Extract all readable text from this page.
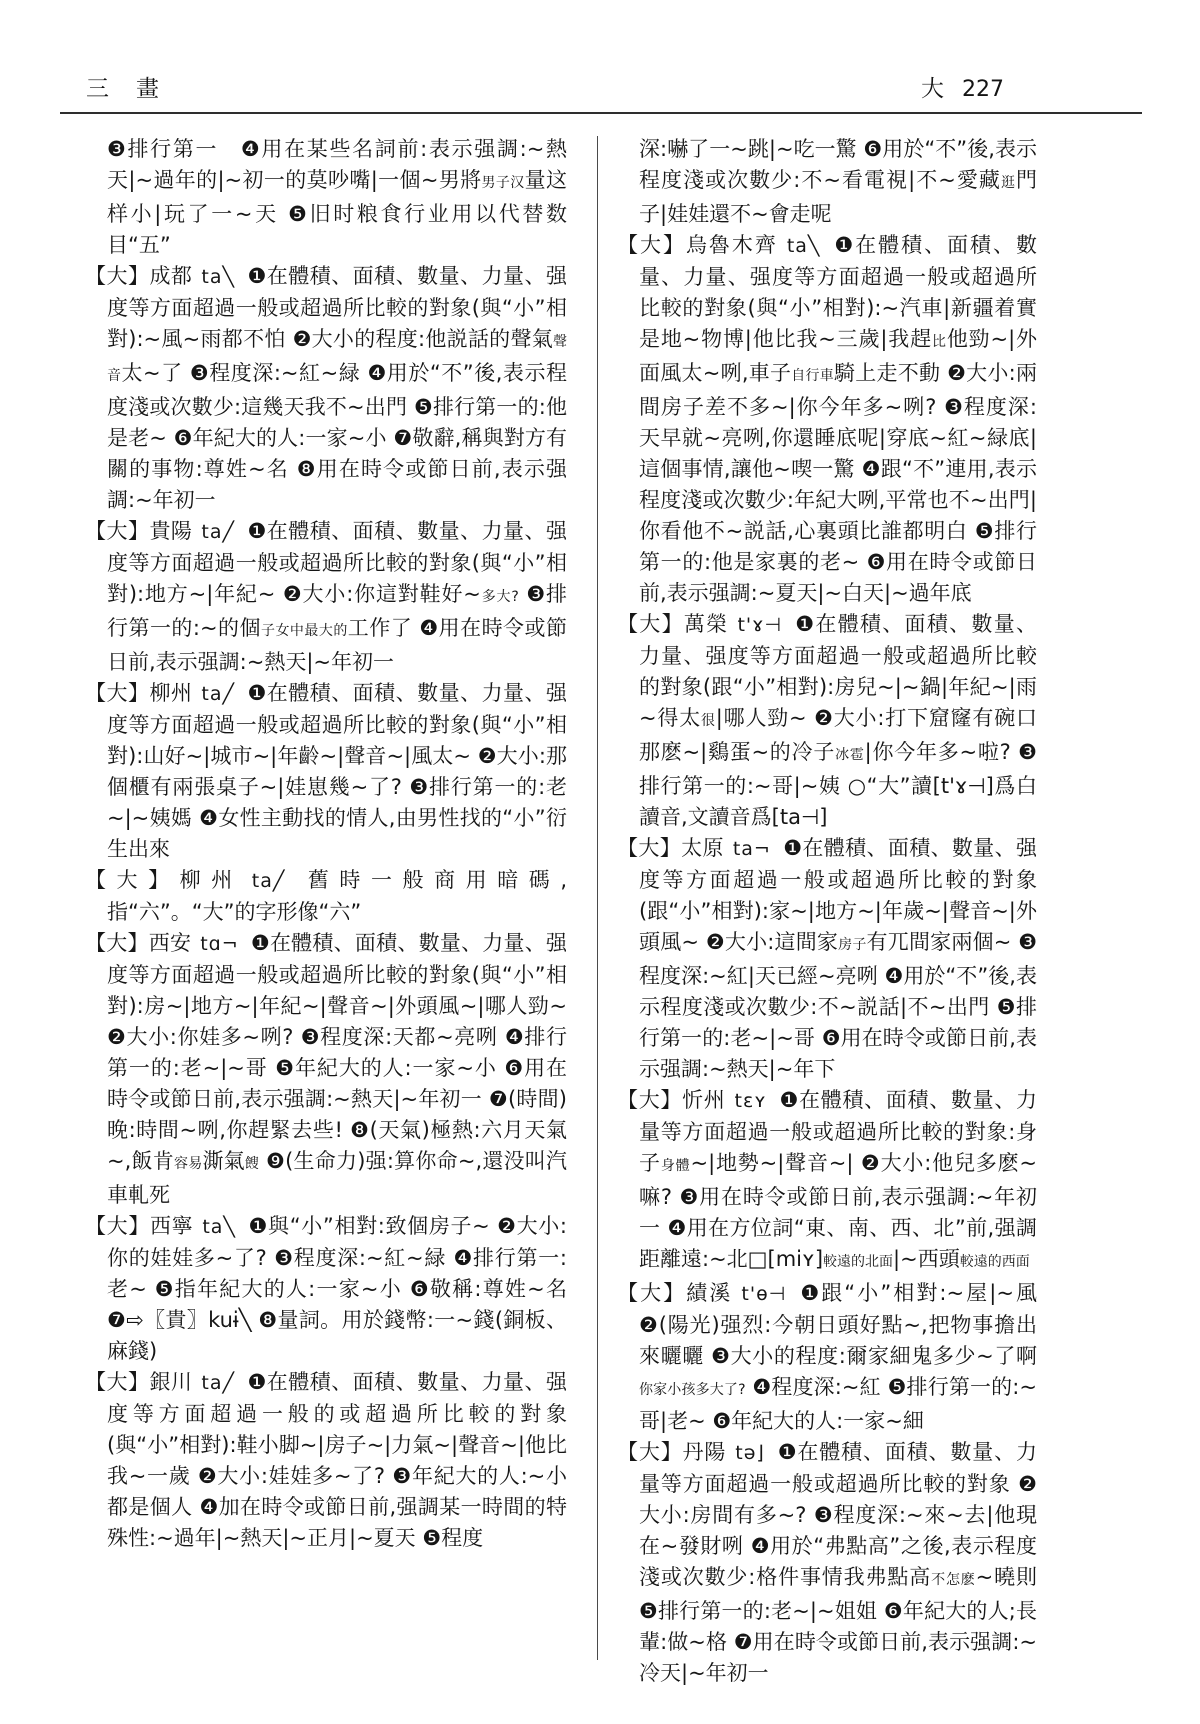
三　畫	大 227

❸排行第一　❹用在某些名詞前:表示强調:~熱天|~過年的|~初一的莫吵嘴|一個~男將男子汉量这样小|玩了一~天 ❺旧时粮食行业用以代替数目“五”

【大】成都 ta╲ ❶在體積、面積、數量、力量、强度等方面超過一般或超過所比較的對象(與“小”相對):~風~雨都不怕 ❷大小的程度:他説話的聲氣聲音太~了 ❸程度深:~紅~緑 ❹用於“不”後,表示程度淺或次數少:這幾天我不~出門 ❺排行第一的:他是老~ ❻年紀大的人:一家~小 ❼敬辭,稱與對方有關的事物:尊姓~名 ❽用在時令或節日前,表示强調:~年初一

【大】貴陽 ta╱ ❶在體積、面積、數量、力量、强度等方面超過一般或超過所比較的對象(與“小”相對):地方~|年紀~ ❷大小:你這對鞋好~多大? ❸排行第一的:~的個子女中最大的工作了 ❹用在時令或節日前,表示强調:~熱天|~年初一

【大】柳州 ta╱ ❶在體積、面積、數量、力量、强度等方面超過一般或超過所比較的對象(與“小”相對):山好~|城市~|年齡~|聲音~|風太~ ❷大小:那個櫃有兩張桌子~|娃崽幾~了? ❸排行第一的:老~|~姨媽 ❹女性主動找的情人,由男性找的“小”衍生出來

【大】柳州 ta╱ 舊時一般商用暗碼,指“六”。“大”的字形像“六”

【大】西安 tɑ¬ ❶在體積、面積、數量、力量、强度等方面超過一般或超過所比較的對象(與“小”相對):房~|地方~|年紀~|聲音~|外頭風~|哪人勁~ ❷大小:你娃多~咧? ❸程度深:天都~亮咧 ❹排行第一的:老~|~哥 ❺年紀大的人:一家~小 ❻用在時令或節日前,表示强調:~熱天|~年初一 ❼(時間)晚:時間~咧,你趕緊去些! ❽(天氣)極熱:六月天氣~,飯肯容易澌氣餿 ❾(生命力)强:算你命~,還没叫汽車軋死

【大】西寧 ta╲ ❶與“小”相對:致個房子~ ❷大小:你的娃娃多~了? ❸程度深:~紅~緑 ❹排行第一:老~ ❺指年紀大的人:一家~小 ❻敬稱:尊姓~名 ❼⇨〖貴〗kuɨ╲ ❽量詞。用於錢幣:一~錢(銅板、麻錢)

【大】銀川 ta╱ ❶在體積、面積、數量、力量、强度等方面超過一般的或超過所比較的對象(與“小”相對):鞋小脚~|房子~|力氣~|聲音~|他比我~一歲 ❷大小:娃娃多~了? ❸年紀大的人:~小都是個人 ❹加在時令或節日前,强調某一時間的特殊性:~過年|~熱天|~正月|~夏天 ❺程度

深:嚇了一~跳|~吃一驚 ❻用於“不”後,表示程度淺或次數少:不~看電視|不~愛藏逛門子|娃娃還不~會走呢

【大】烏魯木齊 ta╲ ❶在體積、面積、數量、力量、强度等方面超過一般或超過所比較的對象(與“小”相對):~汽車|新疆着實是地~物博|他比我~三歲|我趕比他勁~|外面風太~咧,車子自行車騎上走不動 ❷大小:兩間房子差不多~|你今年多~咧? ❸程度深:天早就~亮咧,你還睡底呢|穿底~紅~緑底|這個事情,讓他~喫一驚 ❹跟“不”連用,表示程度淺或次數少:年紀大咧,平常也不~出門|你看他不~説話,心裏頭比誰都明白 ❺排行第一的:他是家裏的老~ ❻用在時令或節日前,表示强調:~夏天|~白天|~過年底

【大】萬榮 t'ɤ⊣ ❶在體積、面積、數量、力量、强度等方面超過一般或超過所比較的對象(跟“小”相對):房兒~|~鍋|年紀~|雨~得太很|哪人勁~ ❷大小:打下窟窿有碗口那麽~|鷄蛋~的冷子冰雹|你今年多~啦? ❸排行第一的:~哥|~姨 ○“大”讀[t'ɤ⊣]爲白讀音,文讀音爲[ta⊣]

【大】太原 ta¬ ❶在體積、面積、數量、强度等方面超過一般或超過所比較的對象(跟“小”相對):家~|地方~|年歲~|聲音~|外頭風~ ❷大小:這間家房子有兀間家兩個~ ❸程度深:~紅|天已經~亮咧 ❹用於“不”後,表示程度淺或次數少:不~説話|不~出門 ❺排行第一的:老~|~哥 ❻用在時令或節日前,表示强調:~熱天|~年下

【大】忻州 tɛʏ ❶在體積、面積、數量、力量等方面超過一般或超過所比較的對象:身子身體~|地勢~|聲音~| ❷大小:他兒多麽~嘛? ❸用在時令或節日前,表示强調:~年初一 ❹用在方位詞“東、南、西、北”前,强調距離遠:~北□[miʏ]較遠的北面|~西頭較遠的西面

【大】績溪 t'ɵ⊣ ❶跟“小”相對:~屋|~風 ❷(陽光)强烈:今朝日頭好點~,把物事擔出來曬曬 ❸大小的程度:爾家細鬼多少~了啊你家小孩多大了? ❹程度深:~紅 ❺排行第一的:~哥|老~ ❻年紀大的人:一家~細

【大】丹陽 tə⌋ ❶在體積、面積、數量、力量等方面超過一般或超過所比較的對象 ❷大小:房間有多~? ❸程度深:~來~去|他現在~發財咧 ❹用於“弗點高”之後,表示程度淺或次數少:格件事情我弗點高不怎麽~曉則 ❺排行第一的:老~|~姐姐 ❻年紀大的人;長輩:做~格 ❼用在時令或節日前,表示强調:~冷天|~年初一
